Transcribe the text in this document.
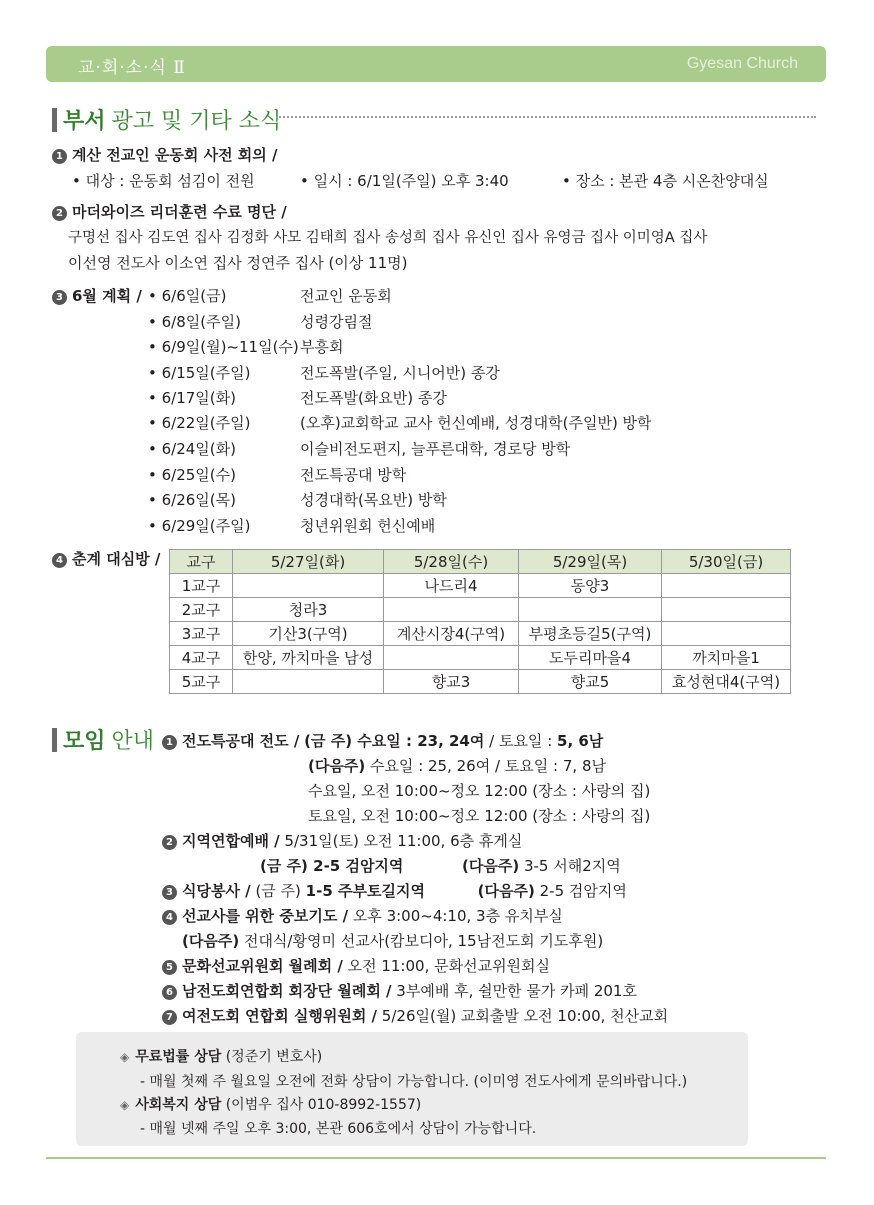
교·회·소·식 Ⅱ	Gyesan Church
부서 광고 및 기타 소식
1 계산 전교인 운동회 사전 회의 /
• 대상 : 운동회 섬김이 전원	• 일시 : 6/1일(주일) 오후 3:40	• 장소 : 본관 4층 시온찬양대실
2 마더와이즈 리더훈련 수료 명단 /
구명선 집사 김도연 집사 김정화 사모 김태희 집사 송성희 집사 유신인 집사 유영금 집사 이미영A 집사
이선영 전도사 이소연 집사 정연주 집사 (이상 11명)
3 6월 계획 / • 6/6일(금)	전교인 운동회
• 6/8일(주일)	성령강림절
• 6/9일(월)~11일(수)부흥회
• 6/15일(주일)	전도폭발(주일, 시니어반) 종강
• 6/17일(화)	전도폭발(화요반) 종강
• 6/22일(주일)	(오후)교회학교 교사 헌신예배, 성경대학(주일반) 방학
• 6/24일(화)	이슬비전도편지, 늘푸른대학, 경로당 방학
• 6/25일(수)	전도특공대 방학
• 6/26일(목)	성경대학(목요반) 방학
• 6/29일(주일)	청년위원회 헌신예배
4 춘계 대심방 / 교구	5/27일(화)	5/28일(수)	5/29일(목)	5/30일(금)
1교구		나드리4	동양3	
2교구	청라3			
3교구	기산3(구역)	계산시장4(구역)	부평초등길5(구역)	
4교구	한양, 까치마을 남성		도두리마을4	까치마을1
5교구		향교3	향교5	효성현대4(구역)
모임 안내	1 전도특공대 전도 / (금 주) 수요일 : 23, 24여 / 토요일 : 5, 6남
(다음주) 수요일 : 25, 26여 / 토요일 : 7, 8남
수요일, 오전 10:00~정오 12:00 (장소 : 사랑의 집)
토요일, 오전 10:00~정오 12:00 (장소 : 사랑의 집)
2 지역연합예배 / 5/31일(토) 오전 11:00, 6층 휴게실
(금 주) 2-5 검암지역	(다음주) 3-5 서해2지역
3 식당봉사 / (금 주) 1-5 주부토길지역	(다음주) 2-5 검암지역
4 선교사를 위한 중보기도 / 오후 3:00~4:10, 3층 유치부실
(다음주) 전대식/황영미 선교사(캄보디아, 15남전도회 기도후원)
5 문화선교위원회 월례회 / 오전 11:00, 문화선교위원회실
6 남전도회연합회 회장단 월례회 / 3부예배 후, 쉴만한 물가 카페 201호
7 여전도회 연합회 실행위원회 / 5/26일(월) 교회출발 오전 10:00, 천산교회
◈ 무료법률 상담 (정준기 변호사)
- 매월 첫째 주 월요일 오전에 전화 상담이 가능합니다. (이미영 전도사에게 문의바랍니다.)
◈ 사회복지 상담 (이범우 집사 010-8992-1557)
- 매월 넷째 주일 오후 3:00, 본관 606호에서 상담이 가능합니다.
